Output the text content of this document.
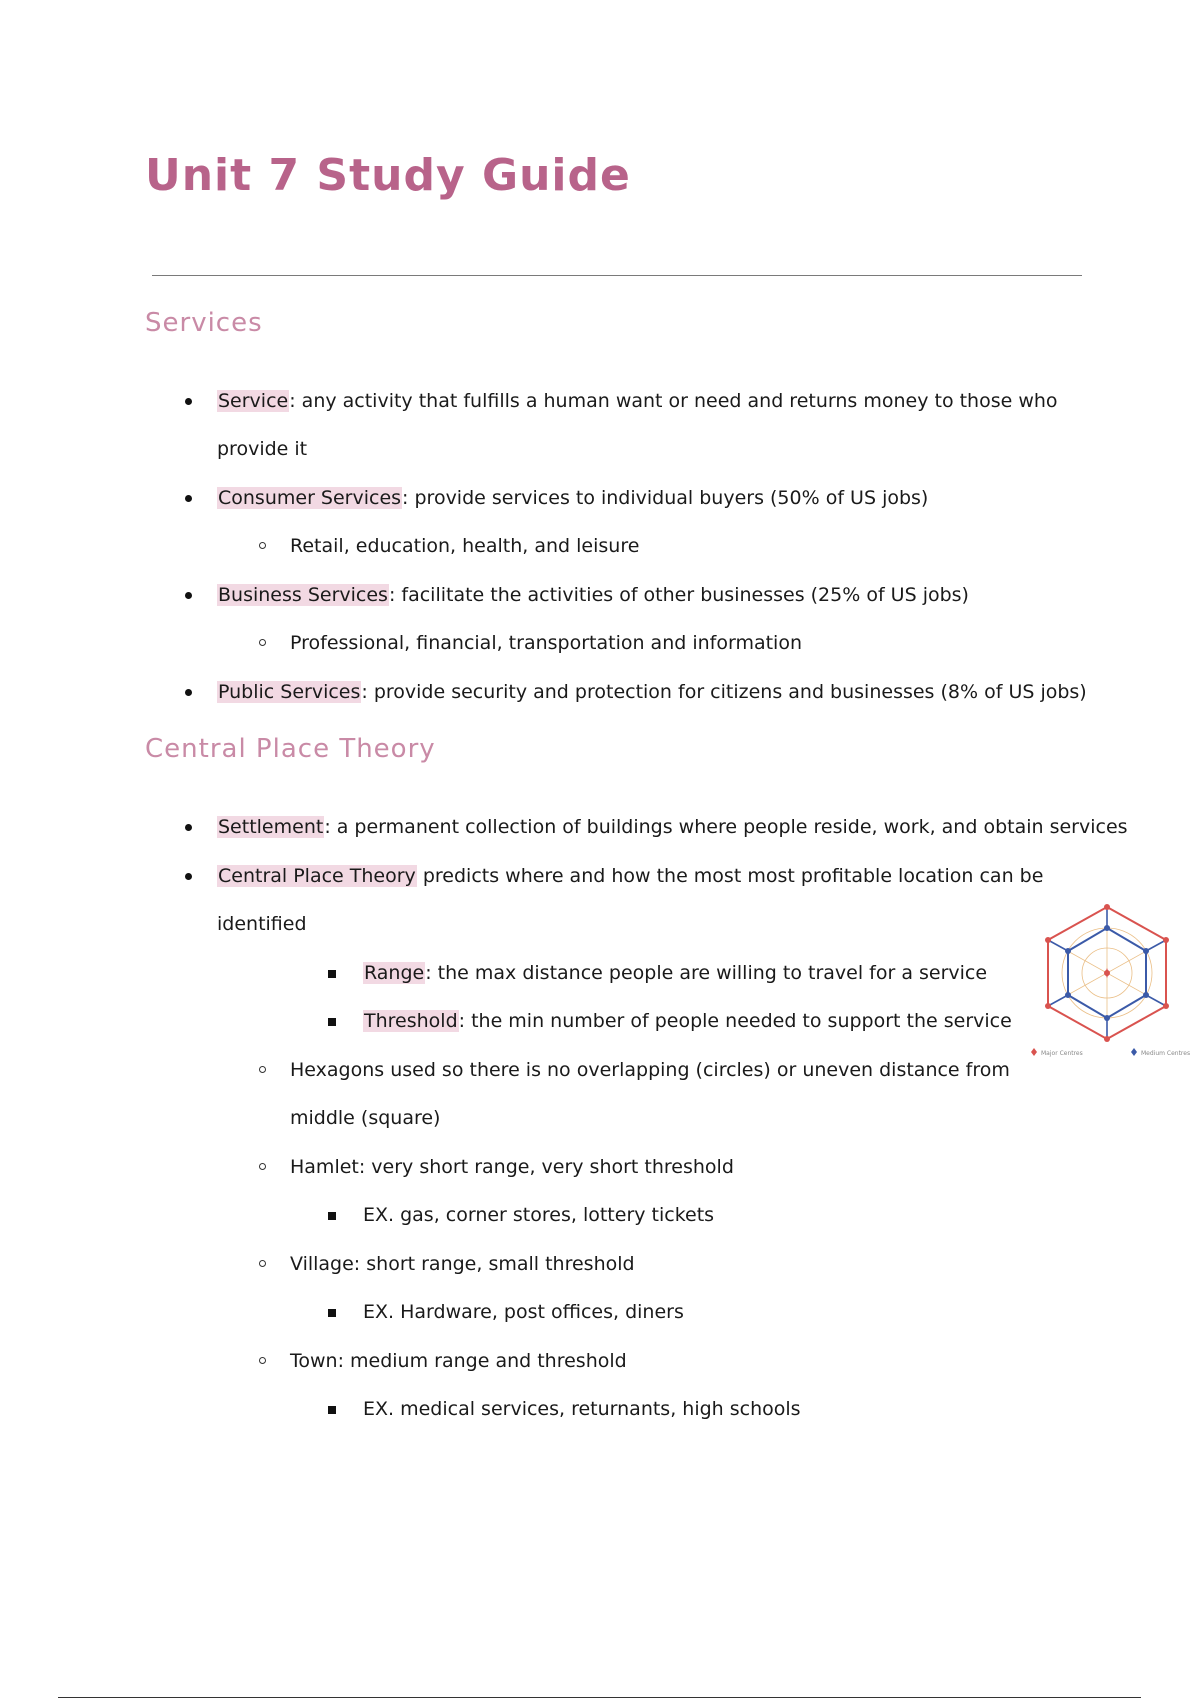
Unit 7 Study Guide
Services
Service: any activity that fulfills a human want or need and returns money to those who
provide it
Consumer Services: provide services to individual buyers (50% of US jobs)
Retail, education, health, and leisure
Business Services: facilitate the activities of other businesses (25% of US jobs)
Professional, financial, transportation and information
Public Services: provide security and protection for citizens and businesses (8% of US jobs)
Central Place Theory
Settlement: a permanent collection of buildings where people reside, work, and obtain services
Central Place Theory predicts where and how the most most profitable location can be
identified
Range: the max distance people are willing to travel for a service
Threshold: the min number of people needed to support the service
Hexagons used so there is no overlapping (circles) or uneven distance from
middle (square)
Hamlet: very short range, very short threshold
EX. gas, corner stores, lottery tickets
Village: short range, small threshold
EX. Hardware, post offices, diners
Town: medium range and threshold
EX. medical services, returnants, high schools
Major Centres	Medium Centres
